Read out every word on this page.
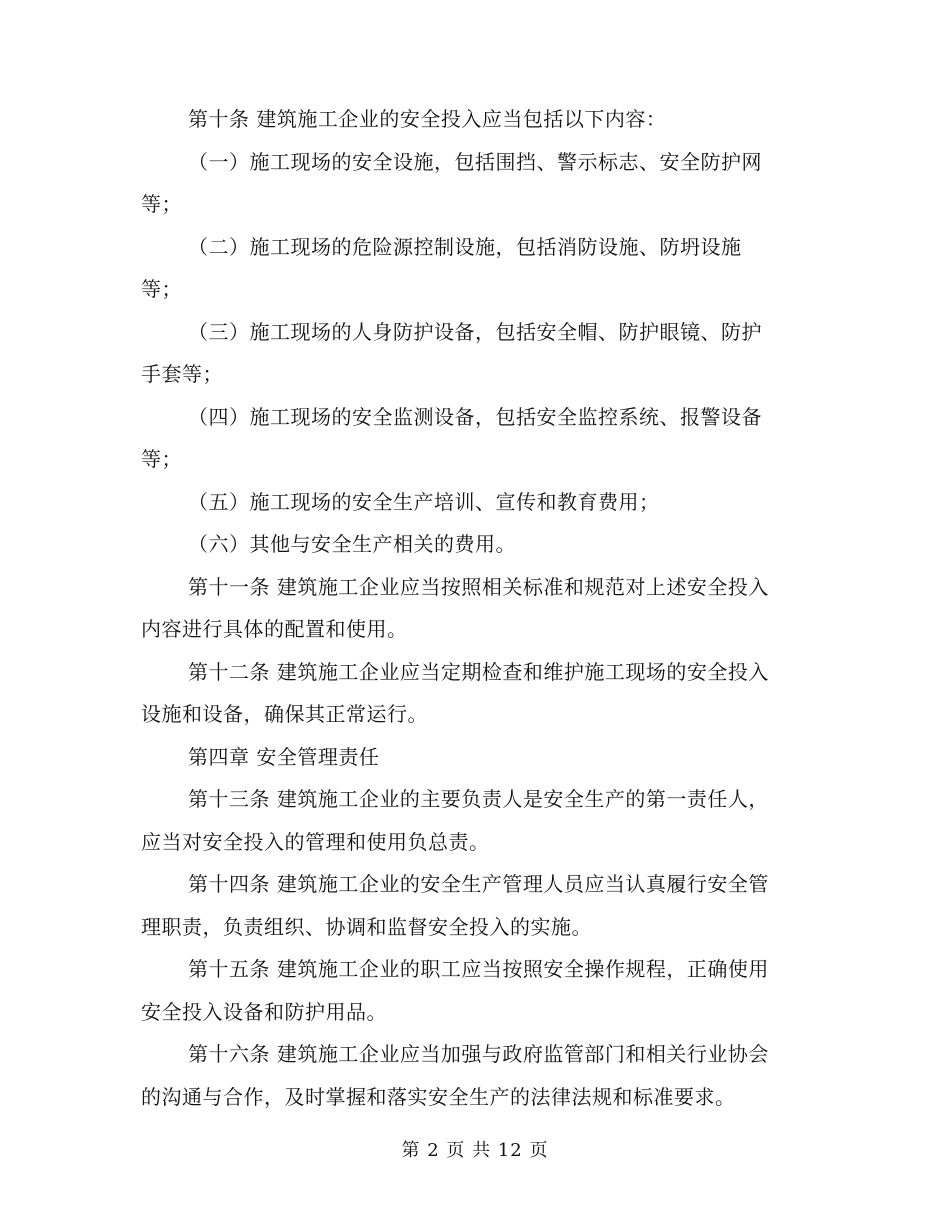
第十条 建筑施工企业的安全投入应当包括以下内容：
（一）施工现场的安全设施，包括围挡、警示标志、安全防护网
等；
（二）施工现场的危险源控制设施，包括消防设施、防坍设施
等；
（三）施工现场的人身防护设备，包括安全帽、防护眼镜、防护
手套等；
（四）施工现场的安全监测设备，包括安全监控系统、报警设备
等；
（五）施工现场的安全生产培训、宣传和教育费用；
（六）其他与安全生产相关的费用。
第十一条 建筑施工企业应当按照相关标准和规范对上述安全投入
内容进行具体的配置和使用。
第十二条 建筑施工企业应当定期检查和维护施工现场的安全投入
设施和设备，确保其正常运行。
第四章 安全管理责任
第十三条 建筑施工企业的主要负责人是安全生产的第一责任人，
应当对安全投入的管理和使用负总责。
第十四条 建筑施工企业的安全生产管理人员应当认真履行安全管
理职责，负责组织、协调和监督安全投入的实施。
第十五条 建筑施工企业的职工应当按照安全操作规程，正确使用
安全投入设备和防护用品。
第十六条 建筑施工企业应当加强与政府监管部门和相关行业协会
的沟通与合作，及时掌握和落实安全生产的法律法规和标准要求。
第 2 页 共 12 页
